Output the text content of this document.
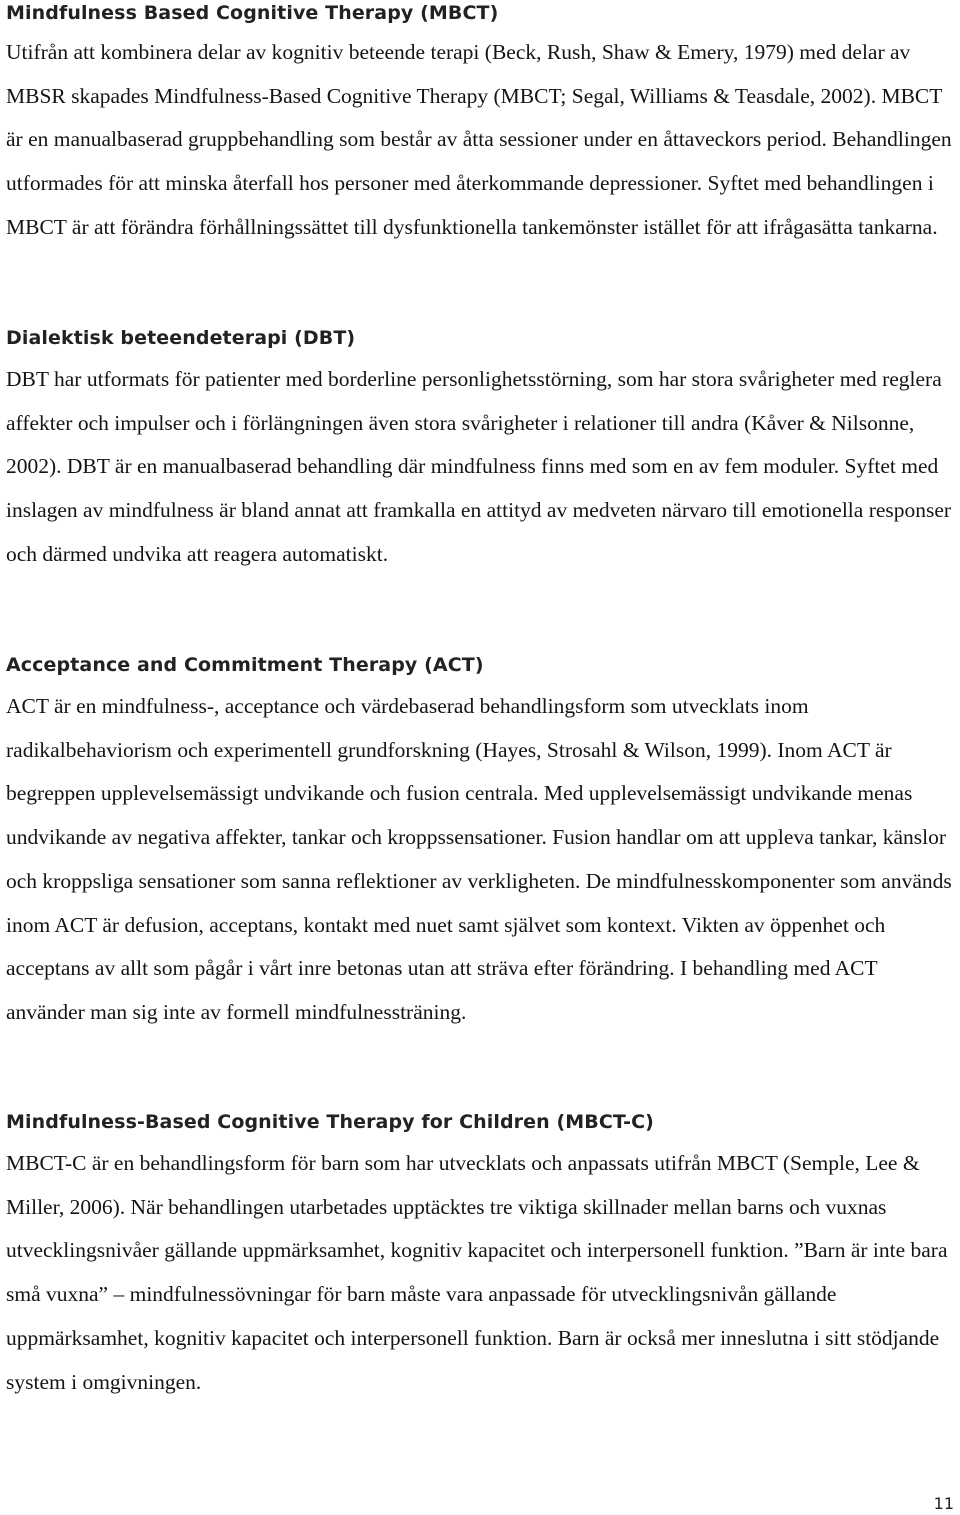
Mindfulness Based Cognitive Therapy (MBCT)

Utifrån att kombinera delar av kognitiv beteende terapi (Beck, Rush, Shaw & Emery, 1979) med delar av MBSR skapades Mindfulness-Based Cognitive Therapy (MBCT; Segal, Williams & Teasdale, 2002). MBCT är en manualbaserad gruppbehandling som består av åtta sessioner under en åttaveckors period. Behandlingen utformades för att minska återfall hos personer med återkommande depressioner. Syftet med behandlingen i MBCT är att förändra förhållningssättet till dysfunktionella tankemönster istället för att ifrågasätta tankarna.

Dialektisk beteendeterapi (DBT)

DBT har utformats för patienter med borderline personlighetsstörning, som har stora svårigheter med reglera affekter och impulser och i förlängningen även stora svårigheter i relationer till andra (Kåver & Nilsonne, 2002). DBT är en manualbaserad behandling där mindfulness finns med som en av fem moduler. Syftet med inslagen av mindfulness är bland annat att framkalla en attityd av medveten närvaro till emotionella responser och därmed undvika att reagera automatiskt.

Acceptance and Commitment Therapy (ACT)

ACT är en mindfulness-, acceptance och värdebaserad behandlingsform som utvecklats inom radikalbehaviorism och experimentell grundforskning (Hayes, Strosahl & Wilson, 1999). Inom ACT är begreppen upplevelsemässigt undvikande och fusion centrala. Med upplevelsemässigt undvikande menas undvikande av negativa affekter, tankar och kroppssensationer. Fusion handlar om att uppleva tankar, känslor och kroppsliga sensationer som sanna reflektioner av verkligheten. De mindfulnesskomponenter som används inom ACT är defusion, acceptans, kontakt med nuet samt självet som kontext. Vikten av öppenhet och acceptans av allt som pågår i vårt inre betonas utan att sträva efter förändring. I behandling med ACT använder man sig inte av formell mindfulnessträning.

Mindfulness-Based Cognitive Therapy for Children (MBCT-C)

MBCT-C är en behandlingsform för barn som har utvecklats och anpassats utifrån MBCT (Semple, Lee & Miller, 2006). När behandlingen utarbetades upptäcktes tre viktiga skillnader mellan barns och vuxnas utvecklingsnivåer gällande uppmärksamhet, kognitiv kapacitet och interpersonell funktion. ”Barn är inte bara små vuxna” – mindfulnessövningar för barn måste vara anpassade för utvecklingsnivån gällande uppmärksamhet, kognitiv kapacitet och interpersonell funktion. Barn är också mer inneslutna i sitt stödjande system i omgivningen.

11
